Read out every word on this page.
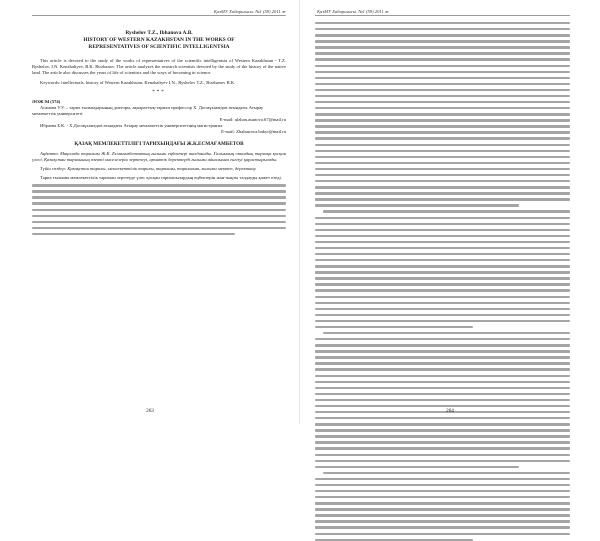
ҚазМУ Хабаршысы. №1 (59) 2011 ж
Ryshelov T.Z., Ibhanova A.B.
HISTORY OF WESTERN KAZAKHSTAN IN THE WORKS OF
REPRESENTATIVES OF SCIENTIFIC INTELLIGENTSIA

This article is devoted to the study of the works of representatives of the scientific intelligentsia of Western Kazakhstan - T.Z. Ryshelov, I.N. Kenzhaliyev, B.K. Birzhanov. The article analyzes the research scientists devoted by the study of the history of the native land. The article also discusses the years of life of scientists and the ways of becoming in science.

Keywords: intellectuals, history of Western Kazakhstan, Kenzhaliyev I.N., Ryshelov T.Z., Birzhanov B.K.

***

ӘОЖ 94 (574)

Асанова У.У. – тарих ғылымдарының докторы, ақпараттық-тарихи профессор Х. Досмұхамедов атындағы Атырау мемлекеттік университеті

E-mail: ulzhan.asanova.67@mail.ru

Ибраева Б.К. - Х.Досмұхамедов атындағы Атырау мемлекеттік университетінің магистранты

E-mail: Zhalnurova.bakyt@mail.ru

ҚАЗАҚ МЕМЛЕКЕТТІЛІГІ ТАРИХЫНДАҒЫ Ж.К.ЕСМАҒАМБЕТОВ

Аңдатпа. Мақалада тарихшы Ж.К. Есмағамбетовтың ғылыми еңбектері талданады. Ғалымның отандық тарихқа қосқан үлесі, Қазақстан тарихының өзекті мәселелерін зерттеуі, архивтік деректерді ғылыми айналымға енгізуі қарастырылады.

Түйін сөздер: Қазақстан тарихы, мемлекеттілік тарихы, тарихшы, тарихнама, ғылыми мектеп, деректану.

Тарих ғылымы мемлекеттілік тарихын зерттеуде үлес қосқан тарихшылардың еңбектерін жан-жақты талдауды қажет етеді.

263
ҚазМУ Хабаршысы. №1 (59) 2011 ж
264
